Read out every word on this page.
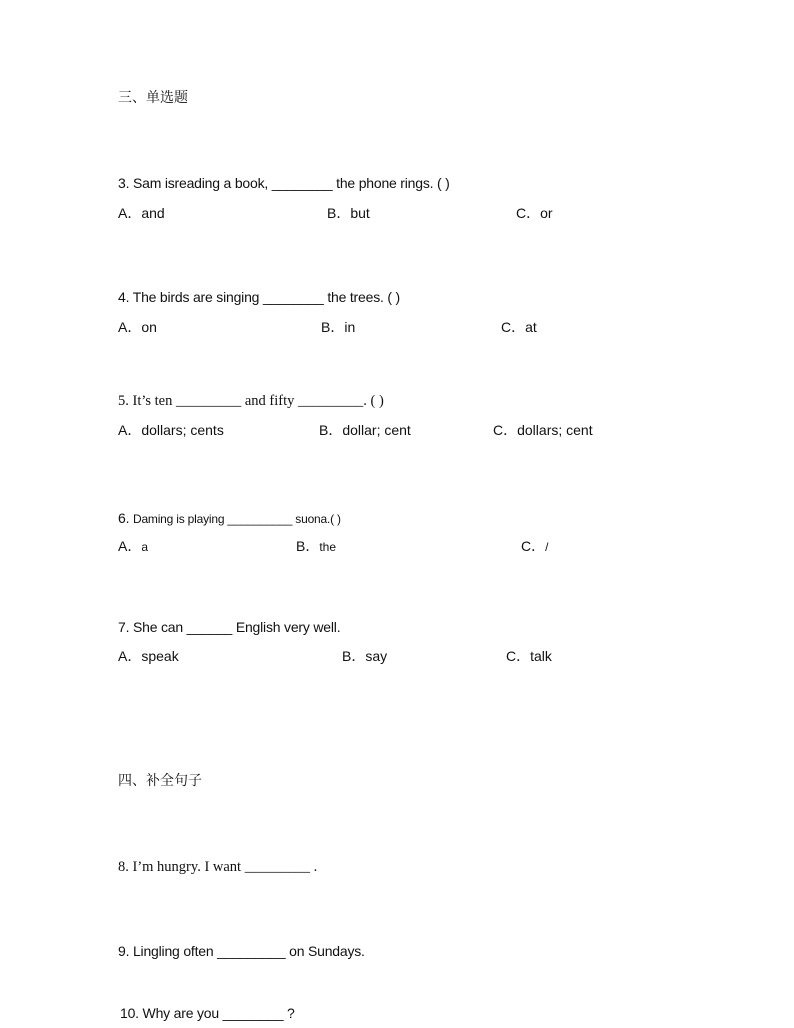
三、单选题
3. Sam isreading a book, ________ the phone rings. ( )
A．and	B．but	C．or
4. The birds are singing ________ the trees. ( )
A．on	B．in	C．at
5. It’s ten _________ and fifty _________. ( )
A．dollars; cents	B．dollar; cent	C．dollars; cent
6. Daming is playing __________ suona.( )
A．a	B．the	C．/
7. She can ______ English very well.
A．speak	B．say	C．talk
四、补全句子
8. I’m hungry. I want _________ .
9. Lingling often _________ on Sundays.
10. Why are you ________ ?
